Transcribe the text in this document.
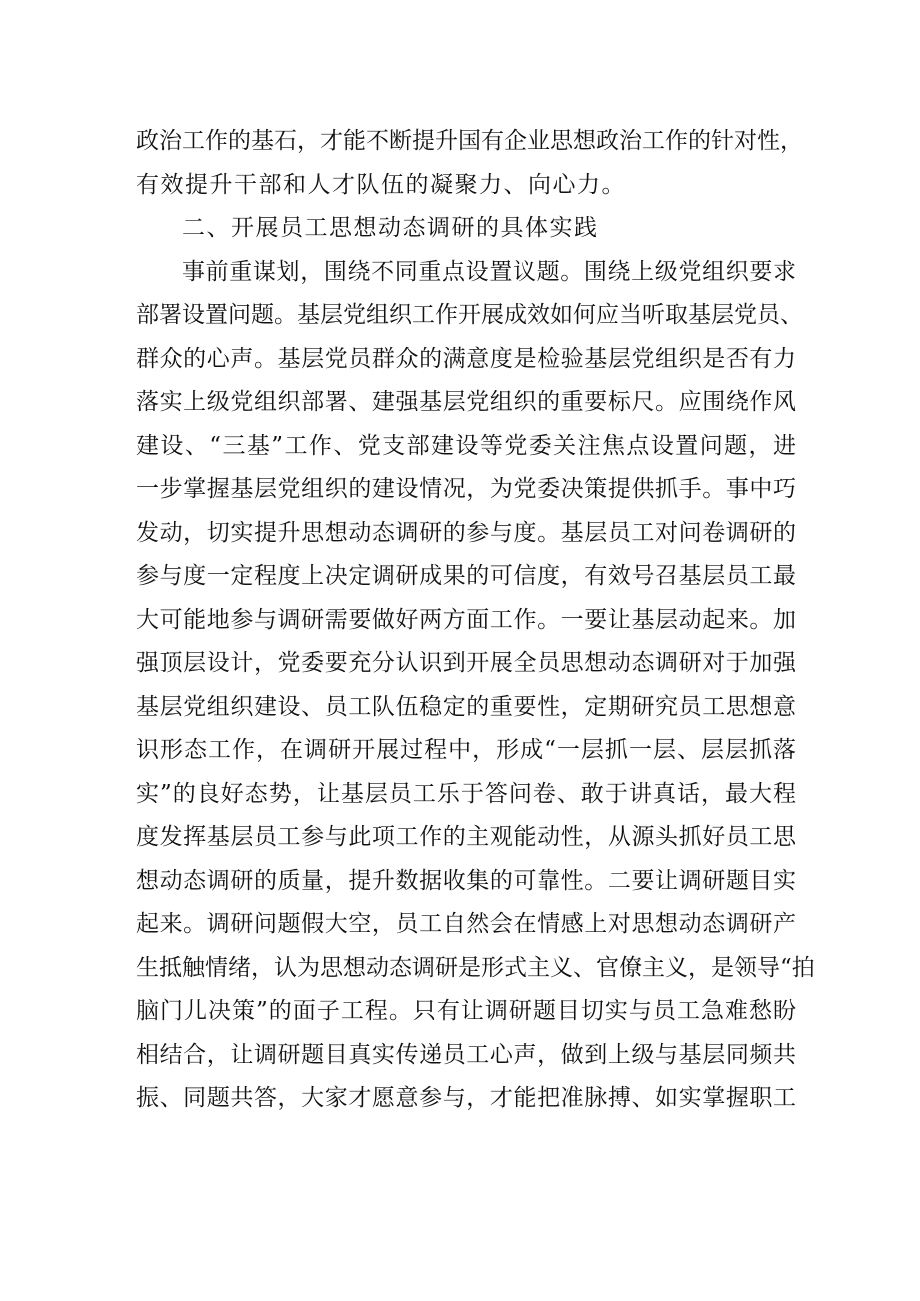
政治工作的基石，才能不断提升国有企业思想政治工作的针对性，
有效提升干部和人才队伍的凝聚力、向心力。
二、开展员工思想动态调研的具体实践
事前重谋划，围绕不同重点设置议题。围绕上级党组织要求
部署设置问题。基层党组织工作开展成效如何应当听取基层党员、
群众的心声。基层党员群众的满意度是检验基层党组织是否有力
落实上级党组织部署、建强基层党组织的重要标尺。应围绕作风
建设、“三基”工作、党支部建设等党委关注焦点设置问题，进
一步掌握基层党组织的建设情况，为党委决策提供抓手。事中巧
发动，切实提升思想动态调研的参与度。基层员工对问卷调研的
参与度一定程度上决定调研成果的可信度，有效号召基层员工最
大可能地参与调研需要做好两方面工作。一要让基层动起来。加
强顶层设计，党委要充分认识到开展全员思想动态调研对于加强
基层党组织建设、员工队伍稳定的重要性，定期研究员工思想意
识形态工作，在调研开展过程中，形成“一层抓一层、层层抓落
实”的良好态势，让基层员工乐于答问卷、敢于讲真话，最大程
度发挥基层员工参与此项工作的主观能动性，从源头抓好员工思
想动态调研的质量，提升数据收集的可靠性。二要让调研题目实
起来。调研问题假大空，员工自然会在情感上对思想动态调研产
生抵触情绪，认为思想动态调研是形式主义、官僚主义，是领导“拍
脑门儿决策”的面子工程。只有让调研题目切实与员工急难愁盼
相结合，让调研题目真实传递员工心声，做到上级与基层同频共
振、同题共答，大家才愿意参与，才能把准脉搏、如实掌握职工
